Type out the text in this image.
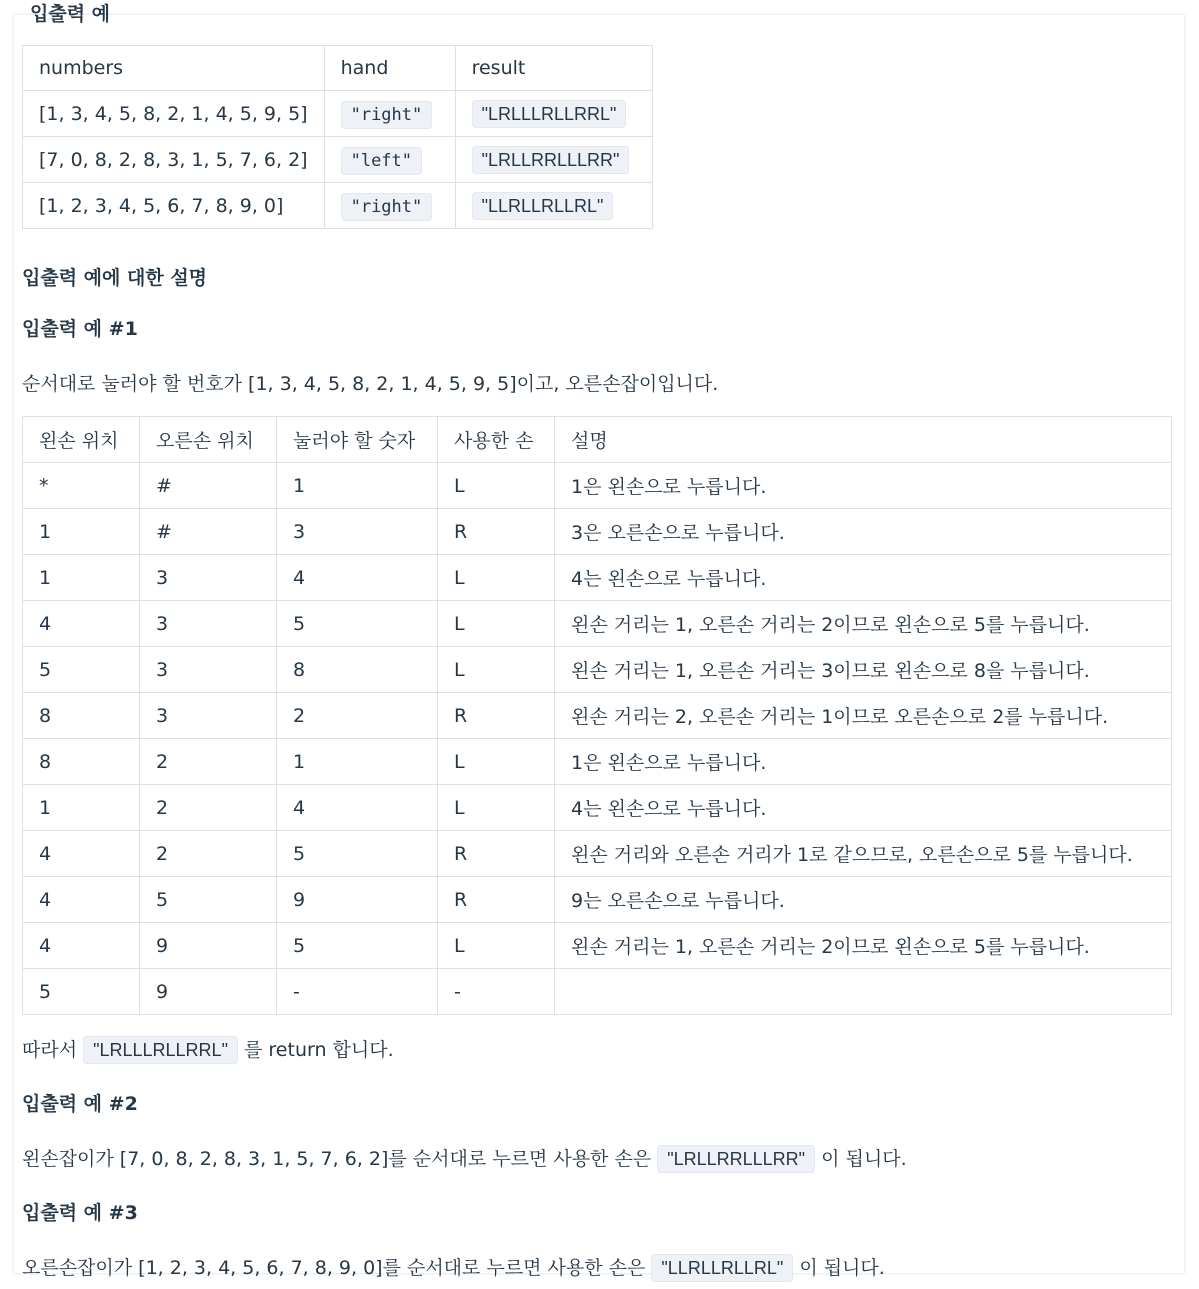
입출력 예
numbers	hand	result
[1, 3, 4, 5, 8, 2, 1, 4, 5, 9, 5]	"right"	"LRLLLRLLRRL"
[7, 0, 8, 2, 8, 3, 1, 5, 7, 6, 2]	"left"	"LRLLRRLLLRR"
[1, 2, 3, 4, 5, 6, 7, 8, 9, 0]	"right"	"LLRLLRLLRL"
입출력 예에 대한 설명
입출력 예 #1
순서대로 눌러야 할 번호가 [1, 3, 4, 5, 8, 2, 1, 4, 5, 9, 5]이고, 오른손잡이입니다.
왼손 위치	오른손 위치	눌러야 할 숫자	사용한 손	설명
*	#	1	L	1은 왼손으로 누릅니다.
1	#	3	R	3은 오른손으로 누릅니다.
1	3	4	L	4는 왼손으로 누릅니다.
4	3	5	L	왼손 거리는 1, 오른손 거리는 2이므로 왼손으로 5를 누릅니다.
5	3	8	L	왼손 거리는 1, 오른손 거리는 3이므로 왼손으로 8을 누릅니다.
8	3	2	R	왼손 거리는 2, 오른손 거리는 1이므로 오른손으로 2를 누릅니다.
8	2	1	L	1은 왼손으로 누릅니다.
1	2	4	L	4는 왼손으로 누릅니다.
4	2	5	R	왼손 거리와 오른손 거리가 1로 같으므로, 오른손으로 5를 누릅니다.
4	5	9	R	9는 오른손으로 누릅니다.
4	9	5	L	왼손 거리는 1, 오른손 거리는 2이므로 왼손으로 5를 누릅니다.
5	9	-	-	
따라서 "LRLLLRLLRRL" 를 return 합니다.
입출력 예 #2
왼손잡이가 [7, 0, 8, 2, 8, 3, 1, 5, 7, 6, 2]를 순서대로 누르면 사용한 손은 "LRLLRRLLLRR" 이 됩니다.
입출력 예 #3
오른손잡이가 [1, 2, 3, 4, 5, 6, 7, 8, 9, 0]를 순서대로 누르면 사용한 손은 "LLRLLRLLRL" 이 됩니다.
